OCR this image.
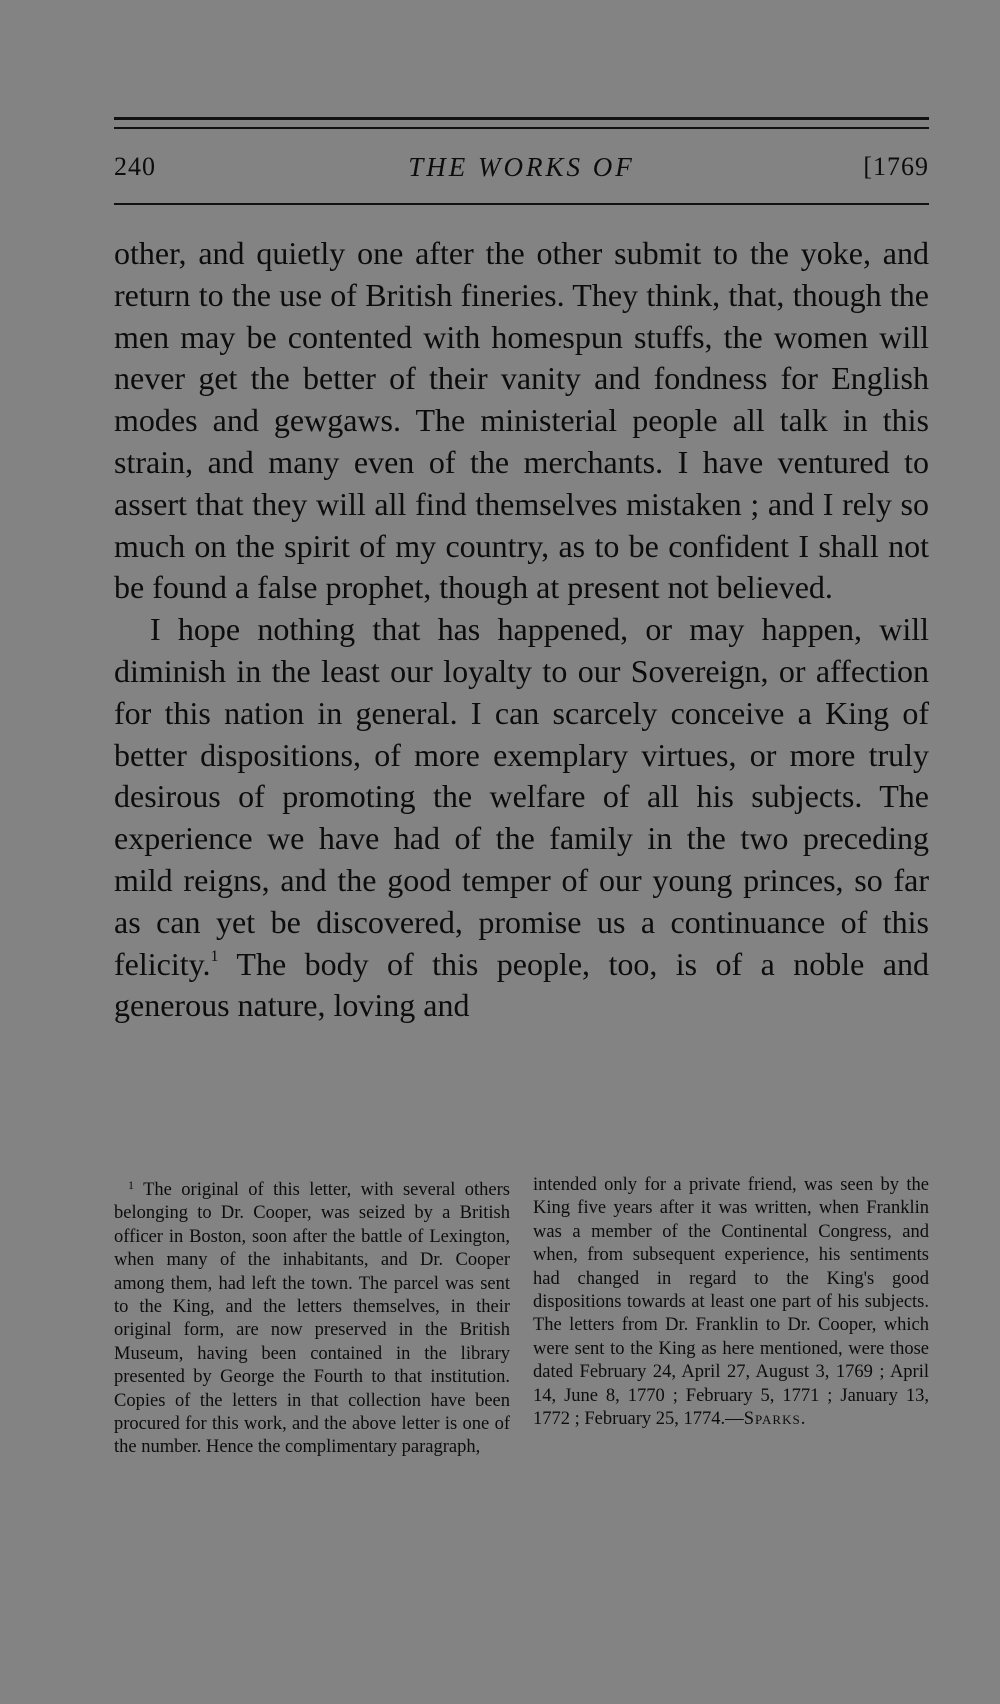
240	THE WORKS OF	[1769

other, and quietly one after the other submit to the yoke, and return to the use of British fineries. They think, that, though the men may be contented with homespun stuffs, the women will never get the better of their vanity and fondness for English modes and gewgaws. The ministerial people all talk in this strain, and many even of the merchants. I have ventured to assert that they will all find themselves mistaken ; and I rely so much on the spirit of my country, as to be confident I shall not be found a false prophet, though at present not believed.

I hope nothing that has happened, or may happen, will diminish in the least our loyalty to our Sovereign, or affection for this nation in general. I can scarcely conceive a King of better dispositions, of more exemplary virtues, or more truly desirous of promoting the welfare of all his subjects. The experience we have had of the family in the two preceding mild reigns, and the good temper of our young princes, so far as can yet be discovered, promise us a continuance of this felicity.$^1$ The body of this people, too, is of a noble and generous nature, loving and

$^1$ The original of this letter, with several others belonging to Dr. Cooper, was seized by a British officer in Boston, soon after the battle of Lexington, when many of the inhabitants, and Dr. Cooper among them, had left the town. The parcel was sent to the King, and the letters themselves, in their original form, are now preserved in the British Museum, having been contained in the library presented by George the Fourth to that institution. Copies of the letters in that collection have been procured for this work, and the above letter is one of the number. Hence the complimentary paragraph,

intended only for a private friend, was seen by the King five years after it was written, when Franklin was a member of the Continental Congress, and when, from subsequent experience, his sentiments had changed in regard to the King's good dispositions towards at least one part of his subjects. The letters from Dr. Franklin to Dr. Cooper, which were sent to the King as here mentioned, were those dated February 24, April 27, August 3, 1769 ; April 14, June 8, 1770 ; February 5, 1771 ; January 13, 1772 ; February 25, 1774.—Sparks.
